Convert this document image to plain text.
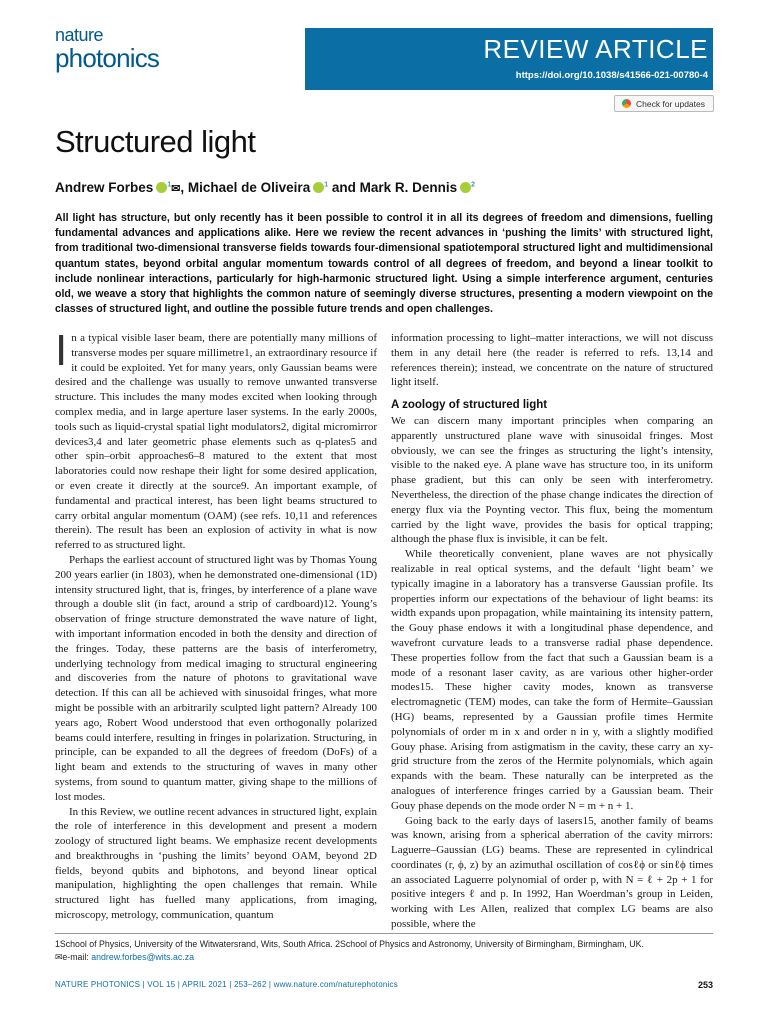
nature
photonics	REVIEW ARTICLE
https://doi.org/10.1038/s41566-021-00780-4
Check for updates
Structured light
Andrew Forbes $^1$✉, Michael de Oliveira $^1$ and Mark R. Dennis $^2$
All light has structure, but only recently has it been possible to control it in all its degrees of freedom and dimensions, fuelling fundamental advances and applications alike. Here we review the recent advances in ‘pushing the limits’ with structured light, from traditional two-dimensional transverse fields towards four-dimensional spatiotemporal structured light and multidimensional quantum states, beyond orbital angular momentum towards control of all degrees of freedom, and beyond a linear toolkit to include nonlinear interactions, particularly for high-harmonic structured light. Using a simple interference argument, centuries old, we weave a story that highlights the common nature of seemingly diverse structures, presenting a modern viewpoint on the classes of structured light, and outline the possible future trends and open challenges.
I n a typical visible laser beam, there are potentially many millions of transverse modes per square millimetre1, an extraordinary resource if it could be exploited. Yet for many years, only Gaussian beams were desired and the challenge was usually to remove unwanted transverse structure. This includes the many modes excited when looking through complex media, and in large aperture laser systems. In the early 2000s, tools such as liquid-crystal spatial light modulators2, digital micromirror devices3,4 and later geometric phase elements such as q-plates5 and other spin–orbit approaches6–8 matured to the extent that most laboratories could now reshape their light for some desired application, or even create it directly at the source9. An important example, of fundamental and practical interest, has been light beams structured to carry orbital angular momentum (OAM) (see refs. 10,11 and references therein). The result has been an explosion of activity in what is now referred to as structured light.

Perhaps the earliest account of structured light was by Thomas Young 200 years earlier (in 1803), when he demonstrated one-dimensional (1D) intensity structured light, that is, fringes, by interference of a plane wave through a double slit (in fact, around a strip of cardboard)12. Young’s observation of fringe structure demonstrated the wave nature of light, with important information encoded in both the density and direction of the fringes. Today, these patterns are the basis of interferometry, underlying technology from medical imaging to structural engineering and discoveries from the nature of photons to gravitational wave detection. If this can all be achieved with sinusoidal fringes, what more might be possible with an arbitrarily sculpted light pattern? Already 100 years ago, Robert Wood understood that even orthogonally polarized beams could interfere, resulting in fringes in polarization. Structuring, in principle, can be expanded to all the degrees of freedom (DoFs) of a light beam and extends to the structuring of waves in many other systems, from sound to quantum matter, giving shape to the millions of lost modes.

In this Review, we outline recent advances in structured light, explain the role of interference in this development and present a modern zoology of structured light beams. We emphasize recent developments and breakthroughs in ‘pushing the limits’ beyond OAM, beyond 2D fields, beyond qubits and biphotons, and beyond linear optical manipulation, highlighting the open challenges that remain. While structured light has fuelled many applications, from imaging, microscopy, metrology, communication, quantum

information processing to light–matter interactions, we will not discuss them in any detail here (the reader is referred to refs. 13,14 and references therein); instead, we concentrate on the nature of structured light itself.

A zoology of structured light

We can discern many important principles when comparing an apparently unstructured plane wave with sinusoidal fringes. Most obviously, we can see the fringes as structuring the light’s intensity, visible to the naked eye. A plane wave has structure too, in its uniform phase gradient, but this can only be seen with interferometry. Nevertheless, the direction of the phase change indicates the direction of energy flux via the Poynting vector. This flux, being the momentum carried by the light wave, provides the basis for optical trapping; although the phase flux is invisible, it can be felt.

While theoretically convenient, plane waves are not physically realizable in real optical systems, and the default ‘light beam’ we typically imagine in a laboratory has a transverse Gaussian profile. Its properties inform our expectations of the behaviour of light beams: its width expands upon propagation, while maintaining its intensity pattern, the Gouy phase endows it with a longitudinal phase dependence, and wavefront curvature leads to a transverse radial phase dependence. These properties follow from the fact that such a Gaussian beam is a mode of a resonant laser cavity, as are various other higher-order modes15. These higher cavity modes, known as transverse electromagnetic (TEM) modes, can take the form of Hermite–Gaussian (HG) beams, represented by a Gaussian profile times Hermite polynomials of order m in x and order n in y, with a slightly modified Gouy phase. Arising from astigmatism in the cavity, these carry an xy-grid structure from the zeros of the Hermite polynomials, which again expands with the beam. These naturally can be interpreted as the analogues of interference fringes carried by a Gaussian beam. Their Gouy phase depends on the mode order N = m + n + 1.

Going back to the early days of lasers15, another family of beams was known, arising from a spherical aberration of the cavity mirrors: Laguerre–Gaussian (LG) beams. These are represented in cylindrical coordinates (r, ϕ, z) by an azimuthal oscillation of cosℓϕ or sinℓϕ times an associated Laguerre polynomial of order p, with N = ℓ + 2p + 1 for positive integers ℓ and p. In 1992, Han Woerdman’s group in Leiden, working with Les Allen, realized that complex LG beams are also possible, where the

1School of Physics, University of the Witwatersrand, Wits, South Africa. 2School of Physics and Astronomy, University of Birmingham, Birmingham, UK.
✉e-mail: andrew.forbes@wits.ac.za
NATURE PHOTONICS | VOL 15 | APRIL 2021 | 253–262 | www.nature.com/naturephotonics	253
